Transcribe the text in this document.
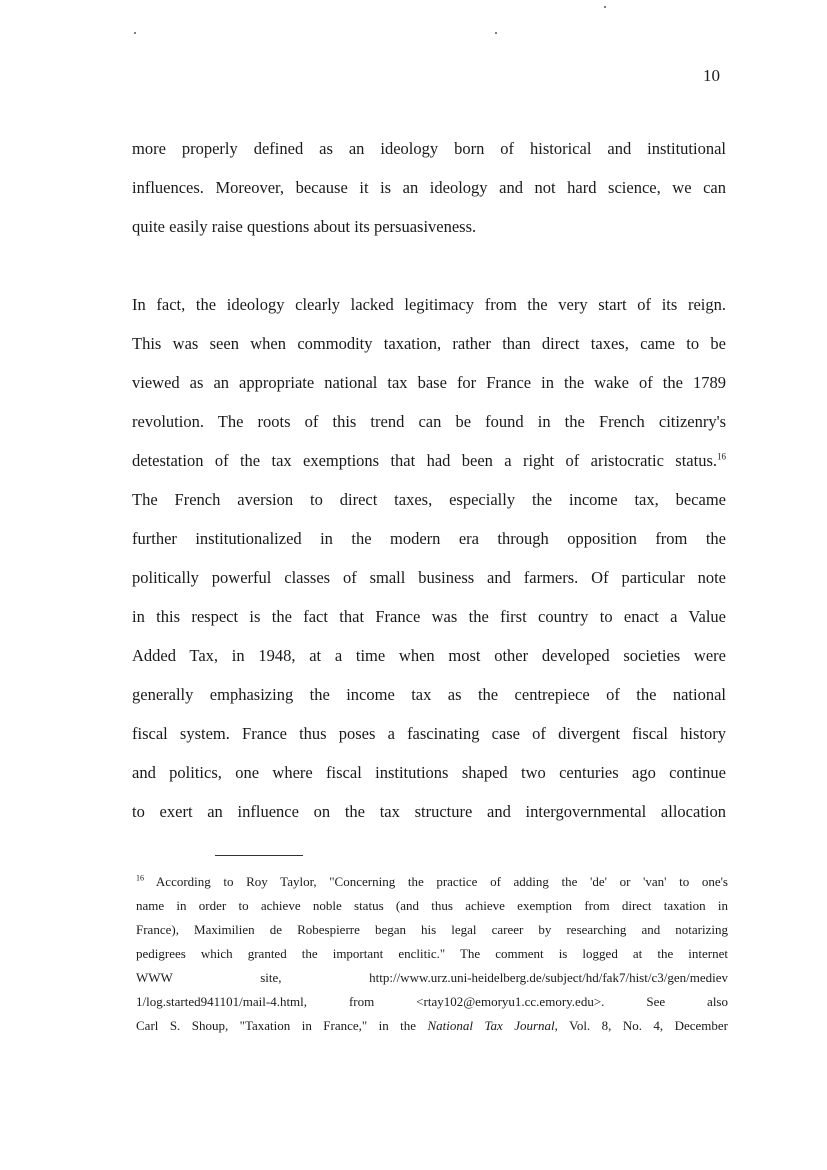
10
more properly defined as an ideology born of historical and institutional
influences. Moreover, because it is an ideology and not hard science, we can
quite easily raise questions about its persuasiveness.
In fact, the ideology clearly lacked legitimacy from the very start of its reign.
This was seen when commodity taxation, rather than direct taxes, came to be
viewed as an appropriate national tax base for France in the wake of the 1789
revolution. The roots of this trend can be found in the French citizenry's
detestation of the tax exemptions that had been a right of aristocratic status.$^{16}$
The French aversion to direct taxes, especially the income tax, became
further institutionalized in the modern era through opposition from the
politically powerful classes of small business and farmers. Of particular note
in this respect is the fact that France was the first country to enact a Value
Added Tax, in 1948, at a time when most other developed societies were
generally emphasizing the income tax as the centrepiece of the national
fiscal system. France thus poses a fascinating case of divergent fiscal history
and politics, one where fiscal institutions shaped two centuries ago continue
to exert an influence on the tax structure and intergovernmental allocation
$^{16}$ According to Roy Taylor, "Concerning the practice of adding the 'de' or 'van' to one's
name in order to achieve noble status (and thus achieve exemption from direct taxation in
France), Maximilien de Robespierre began his legal career by researching and notarizing
pedigrees which granted the important enclitic." The comment is logged at the internet
WWW site, http://www.urz.uni-heidelberg.de/subject/hd/fak7/hist/c3/gen/mediev
1/log.started941101/mail-4.html, from <rtay102@emoryu1.cc.emory.edu>. See also
Carl S. Shoup, "Taxation in France," in the National Tax Journal, Vol. 8, No. 4, December
